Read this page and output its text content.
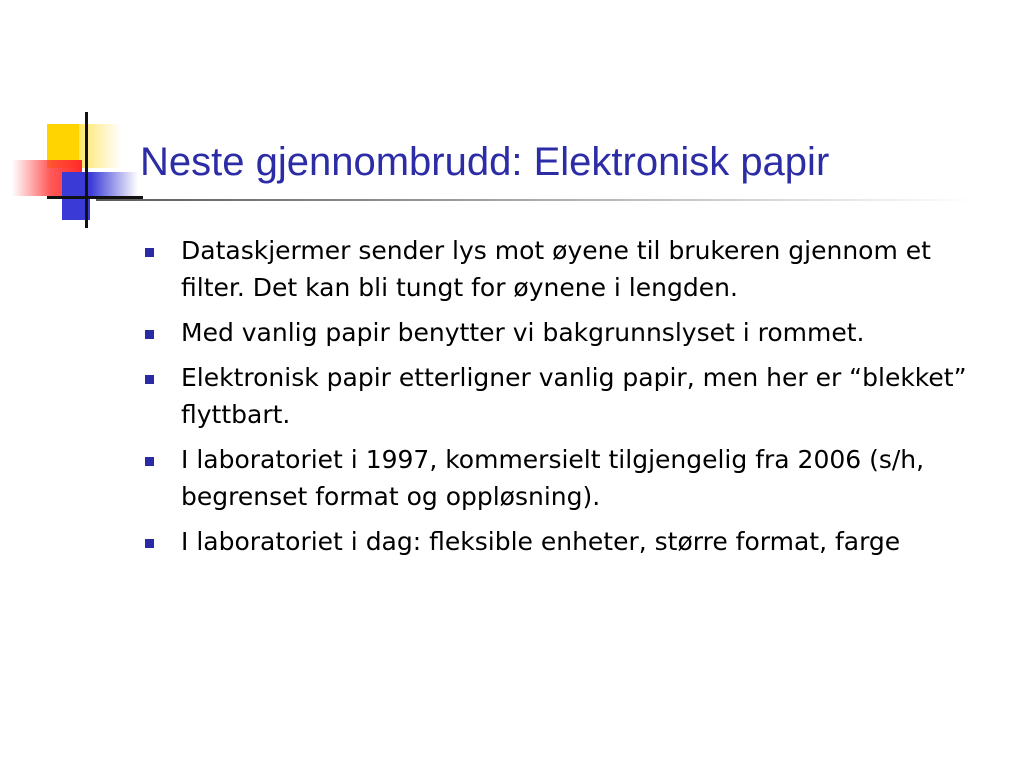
Neste gjennombrudd: Elektronisk papir
Dataskjermer sender lys mot øyene til brukeren gjennom et filter. Det kan bli tungt for øynene i lengden.
Med vanlig papir benytter vi bakgrunnslyset i rommet.
Elektronisk papir etterligner vanlig papir, men her er “blekket” flyttbart.
I laboratoriet i 1997, kommersielt tilgjengelig fra 2006 (s/h, begrenset format og oppløsning).
I laboratoriet i dag: fleksible enheter, større format, farge
